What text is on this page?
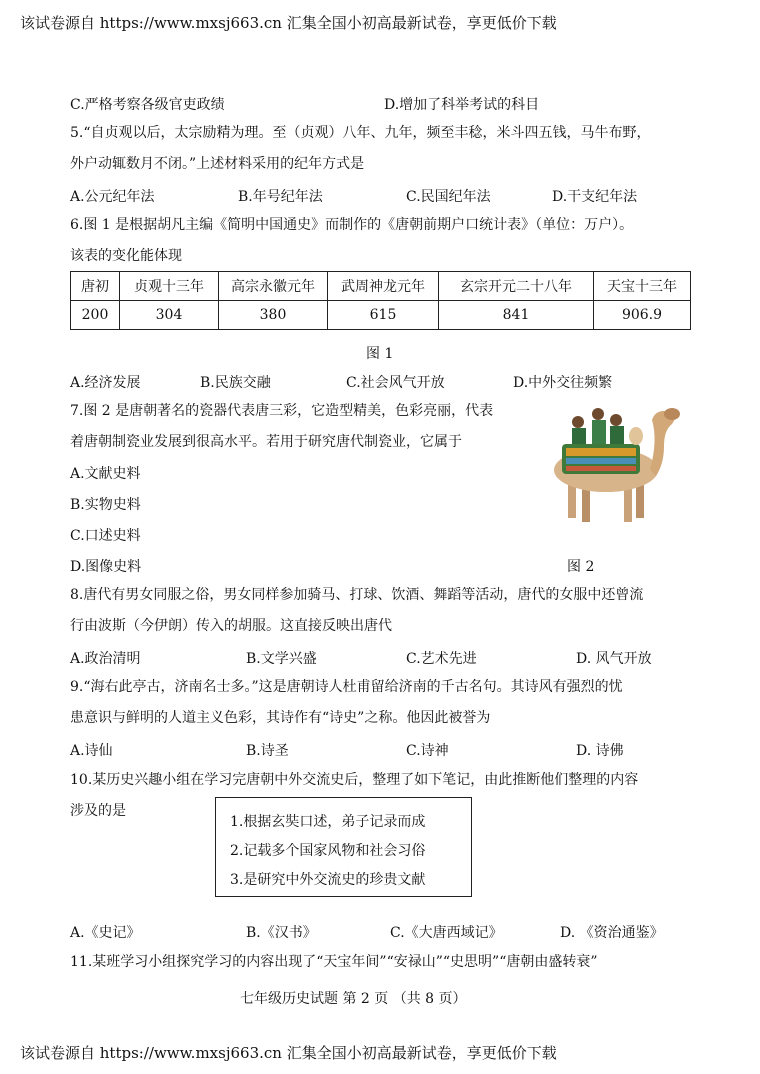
该试卷源自 https://www.mxsj663.cn 汇集全国小初高最新试卷，享更低价下载
C.严格考察各级官吏政绩	D.增加了科举考试的科目
5.“自贞观以后，太宗励精为理。至（贞观）八年、九年，频至丰稔，米斗四五钱，马牛布野，
外户动辄数月不闭。”上述材料采用的纪年方式是
A.公元纪年法	B.年号纪年法	C.民国纪年法	D.干支纪年法
6.图 1 是根据胡凡主编《简明中国通史》而制作的《唐朝前期户口统计表》（单位：万户）。
该表的变化能体现
唐初	贞观十三年	高宗永徽元年	武周神龙元年	玄宗开元二十八年	天宝十三年
200	304	380	615	841	906.9
图 1
A.经济发展	B.民族交融	C.社会风气开放	D.中外交往频繁
7.图 2 是唐朝著名的瓷器代表唐三彩，它造型精美，色彩亮丽，代表
着唐朝制瓷业发展到很高水平。若用于研究唐代制瓷业，它属于
A.文献史料
B.实物史料
C.口述史料
D.图像史料	图 2
8.唐代有男女同服之俗，男女同样参加骑马、打球、饮酒、舞蹈等活动，唐代的女服中还曾流
行由波斯（今伊朗）传入的胡服。这直接反映出唐代
A.政治清明	B.文学兴盛	C.艺术先进	D. 风气开放
9.“海右此亭古，济南名士多。”这是唐朝诗人杜甫留给济南的千古名句。其诗风有强烈的忧
患意识与鲜明的人道主义色彩，其诗作有“诗史”之称。他因此被誉为
A.诗仙	B.诗圣	C.诗神	D. 诗佛
10.某历史兴趣小组在学习完唐朝中外交流史后，整理了如下笔记，由此推断他们整理的内容
涉及的是
1.根据玄奘口述，弟子记录而成
2.记载多个国家风物和社会习俗
3.是研究中外交流史的珍贵文献
A.《史记》	B.《汉书》	C.《大唐西域记》	D. 《资治通鉴》
11.某班学习小组探究学习的内容出现了“天宝年间”“安禄山”“史思明”“唐朝由盛转衰”
七年级历史试题 第 2 页 （共 8 页）
该试卷源自 https://www.mxsj663.cn 汇集全国小初高最新试卷，享更低价下载
